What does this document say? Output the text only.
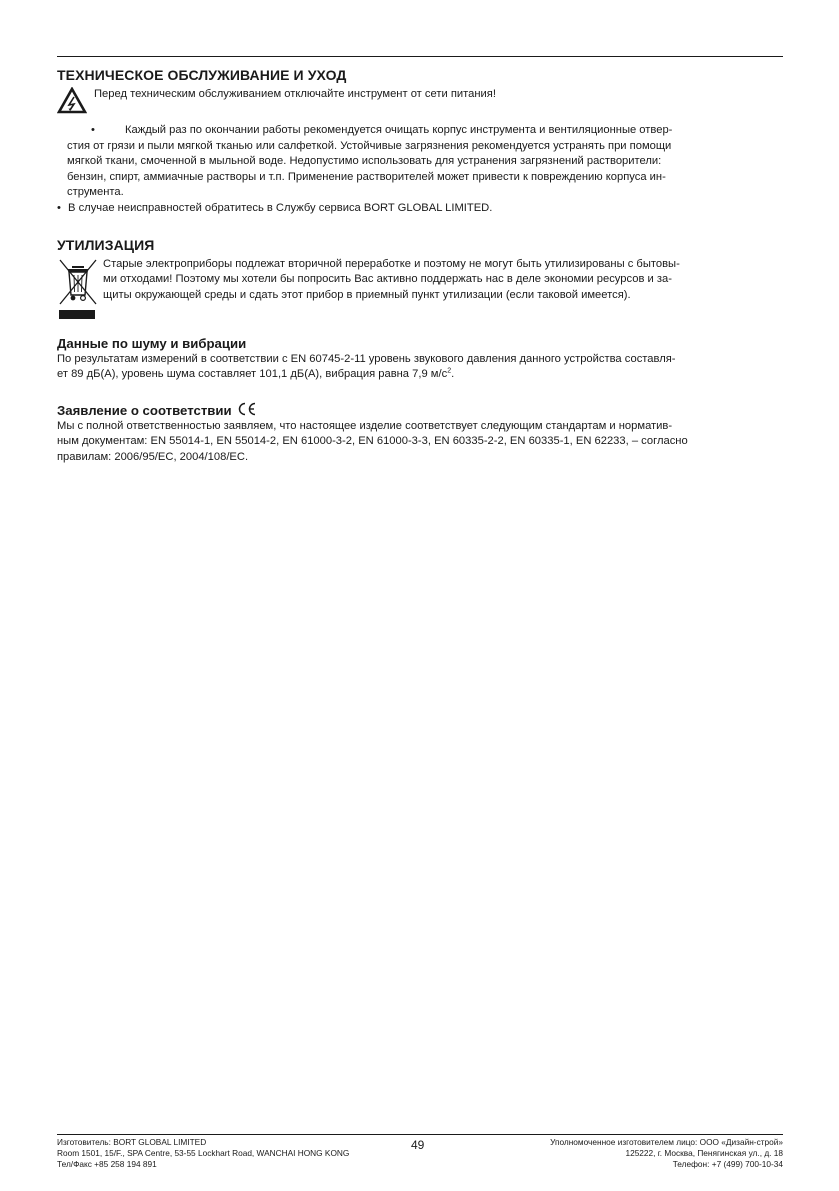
ТЕХНИЧЕСКОЕ ОБСЛУЖИВАНИЕ И УХОД
Перед техническим обслуживанием отключайте инструмент от сети питания!

•	Каждый раз по окончании работы рекомендуется очищать корпус инструмента и вентиляционные отвер-

стия от грязи и пыли мягкой тканью или салфеткой. Устойчивые загрязнения рекомендуется устранять при помощи

мягкой ткани, смоченной в мыльной воде. Недопустимо использовать для устранения загрязнений растворители:

бензин, спирт, аммиачные растворы и т.п. Применение растворителей может привести к повреждению корпуса ин-

струмента.

• В случае неисправностей обратитесь в Службу сервиса BORT GLOBAL LIMITED.

УТИЛИЗАЦИЯ

Старые электроприборы подлежат вторичной переработке и поэтому не могут быть утилизированы с бытовы-

ми отходами! Поэтому мы хотели бы попросить Вас активно поддержать нас в деле экономии ресурсов и за-

щиты окружающей среды и сдать этот прибор в приемный пункт утилизации (если таковой имеется).

Данные по шуму и вибрации

По результатам измерений в соответствии с EN 60745-2-11 уровень звукового давления данного устройства составля-

ет 89 дБ(А), уровень шума составляет 101,1 дБ(А), вибрация равна 7,9 $м/с^2$.

Заявление о соответствии

Мы с полной ответственностью заявляем, что настоящее изделие соответствует следующим стандартам и норматив-

ным документам: EN 55014-1, EN 55014-2, EN 61000-3-2, EN 61000-3-3, EN 60335-2-2, EN 60335-1, EN 62233, – согласно

правилам: 2006/95/EC, 2004/108/EC.

Изготовитель: BORT GLOBAL LIMITED

Room 1501, 15/F., SPA Centre, 53-55 Lockhart Road, WANCHAI HONG KONG

Тел/Факс +85 258 194 891

49	Уполномоченное изготовителем лицо: ООО «Дизайн-строй»

125222, г. Москва, Пенягинская ул., д. 18

Телефон: +7 (499) 700-10-34
